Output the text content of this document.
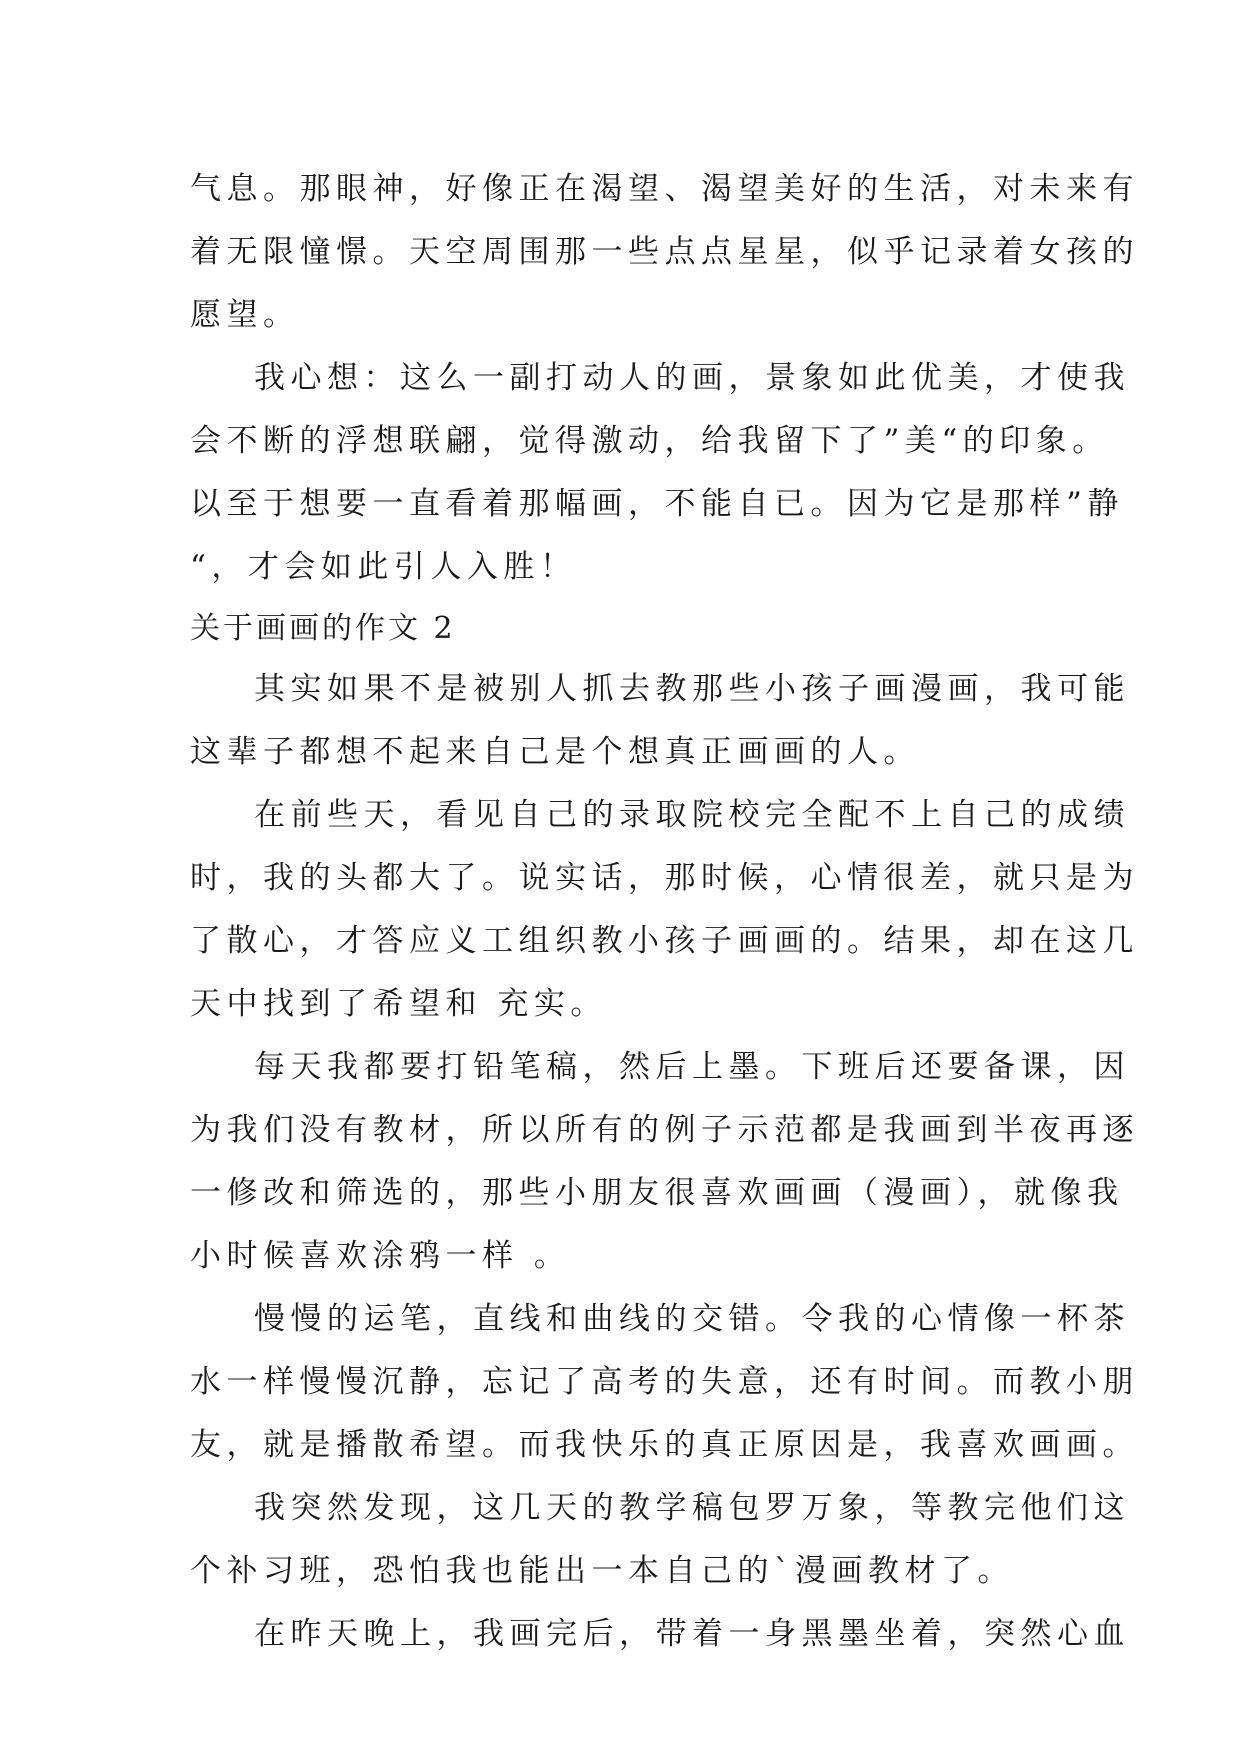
气息。那眼神，好像正在渴望、渴望美好的生活，对未来有
着无限憧憬。天空周围那一些点点星星，似乎记录着女孩的
愿望。
我心想：这么一副打动人的画，景象如此优美，才使我
会不断的浮想联翩，觉得激动，给我留下了”美“的印象。
以至于想要一直看着那幅画，不能自已。因为它是那样”静
“，才会如此引人入胜！
关于画画的作文 2
其实如果不是被别人抓去教那些小孩子画漫画，我可能
这辈子都想不起来自己是个想真正画画的人。
在前些天，看见自己的录取院校完全配不上自己的成绩
时，我的头都大了。说实话，那时候，心情很差，就只是为
了散心，才答应义工组织教小孩子画画的。结果，却在这几
天中找到了希望和 充实。
每天我都要打铅笔稿，然后上墨。下班后还要备课，因
为我们没有教材，所以所有的例子示范都是我画到半夜再逐
一修改和筛选的，那些小朋友很喜欢画画（漫画），就像我
小时候喜欢涂鸦一样 。
慢慢的运笔，直线和曲线的交错。令我的心情像一杯茶
水一样慢慢沉静，忘记了高考的失意，还有时间。而教小朋
友，就是播散希望。而我快乐的真正原因是，我喜欢画画。
我突然发现，这几天的教学稿包罗万象，等教完他们这
个补习班，恐怕我也能出一本自己的`漫画教材了。
在昨天晚上，我画完后，带着一身黑墨坐着，突然心血
